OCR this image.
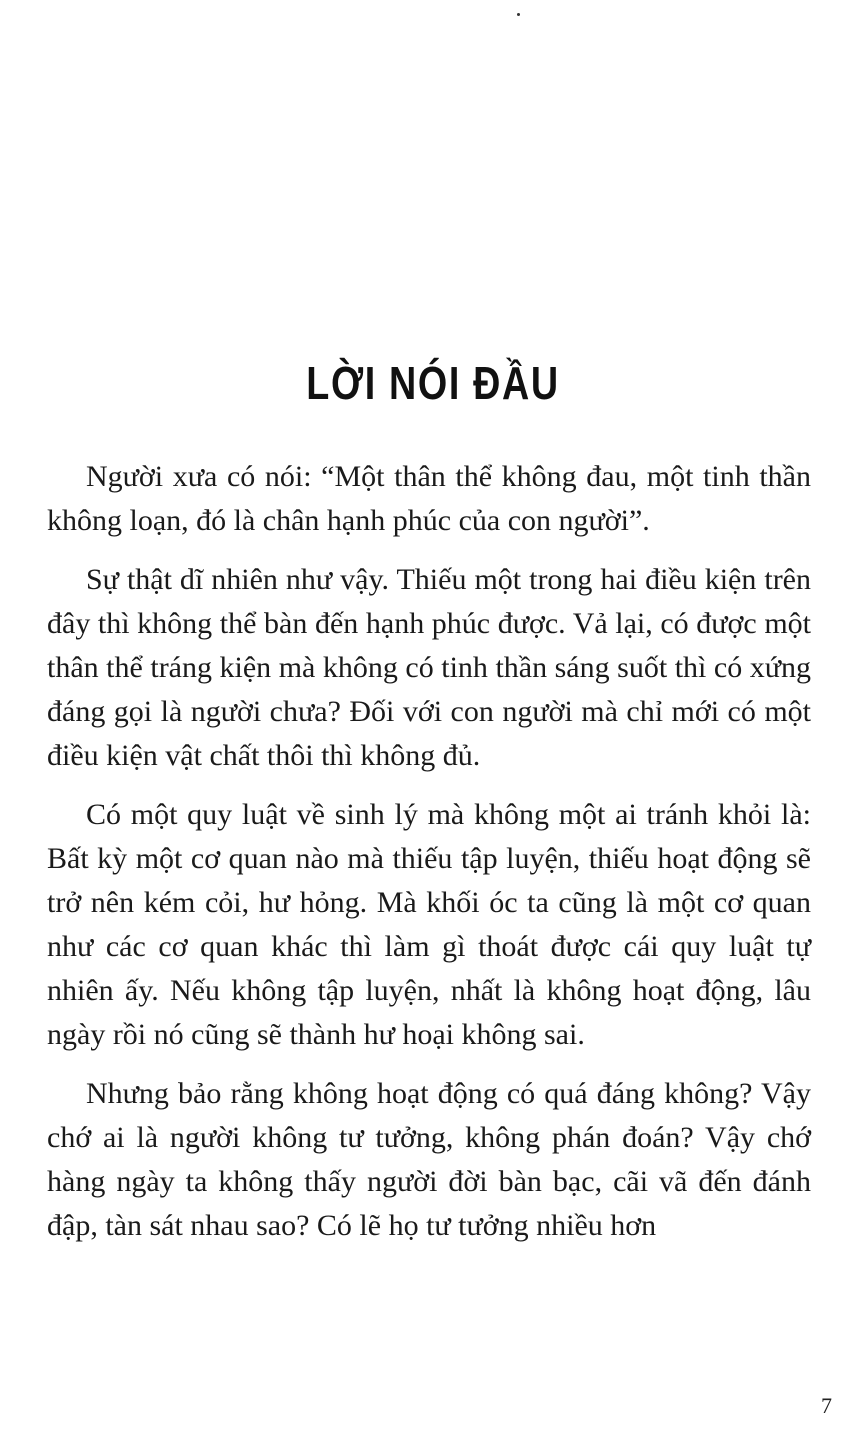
LỜI NÓI ĐẦU

Người xưa có nói: “Một thân thể không đau, một tinh thần không loạn, đó là chân hạnh phúc của con người”.

Sự thật dĩ nhiên như vậy. Thiếu một trong hai điều kiện trên đây thì không thể bàn đến hạnh phúc được. Vả lại, có được một thân thể tráng kiện mà không có tinh thần sáng suốt thì có xứng đáng gọi là người chưa? Đối với con người mà chỉ mới có một điều kiện vật chất thôi thì không đủ.

Có một quy luật về sinh lý mà không một ai tránh khỏi là: Bất kỳ một cơ quan nào mà thiếu tập luyện, thiếu hoạt động sẽ trở nên kém cỏi, hư hỏng. Mà khối óc ta cũng là một cơ quan như các cơ quan khác thì làm gì thoát được cái quy luật tự nhiên ấy. Nếu không tập luyện, nhất là không hoạt động, lâu ngày rồi nó cũng sẽ thành hư hoại không sai.

Nhưng bảo rằng không hoạt động có quá đáng không? Vậy chớ ai là người không tư tưởng, không phán đoán? Vậy chớ hàng ngày ta không thấy người đời bàn bạc, cãi vã đến đánh đập, tàn sát nhau sao? Có lẽ họ tư tưởng nhiều hơn

7
